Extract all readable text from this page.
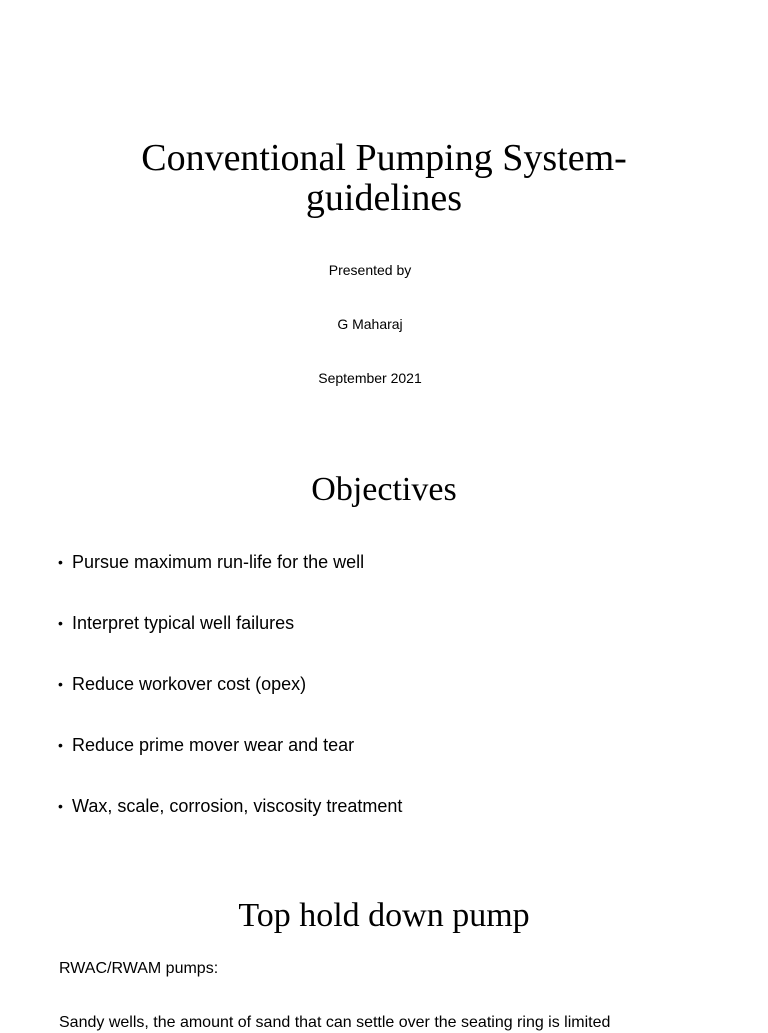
Conventional Pumping System-
guidelines

Presented by

G Maharaj

September 2021

Objectives
• Pursue maximum run-life for the well
• Interpret typical well failures
• Reduce workover cost (opex)
• Reduce prime mover wear and tear
• Wax, scale, corrosion, viscosity treatment
Top hold down pump

RWAC/RWAM pumps:

Sandy wells, the amount of sand that can settle over the seating ring is limited
